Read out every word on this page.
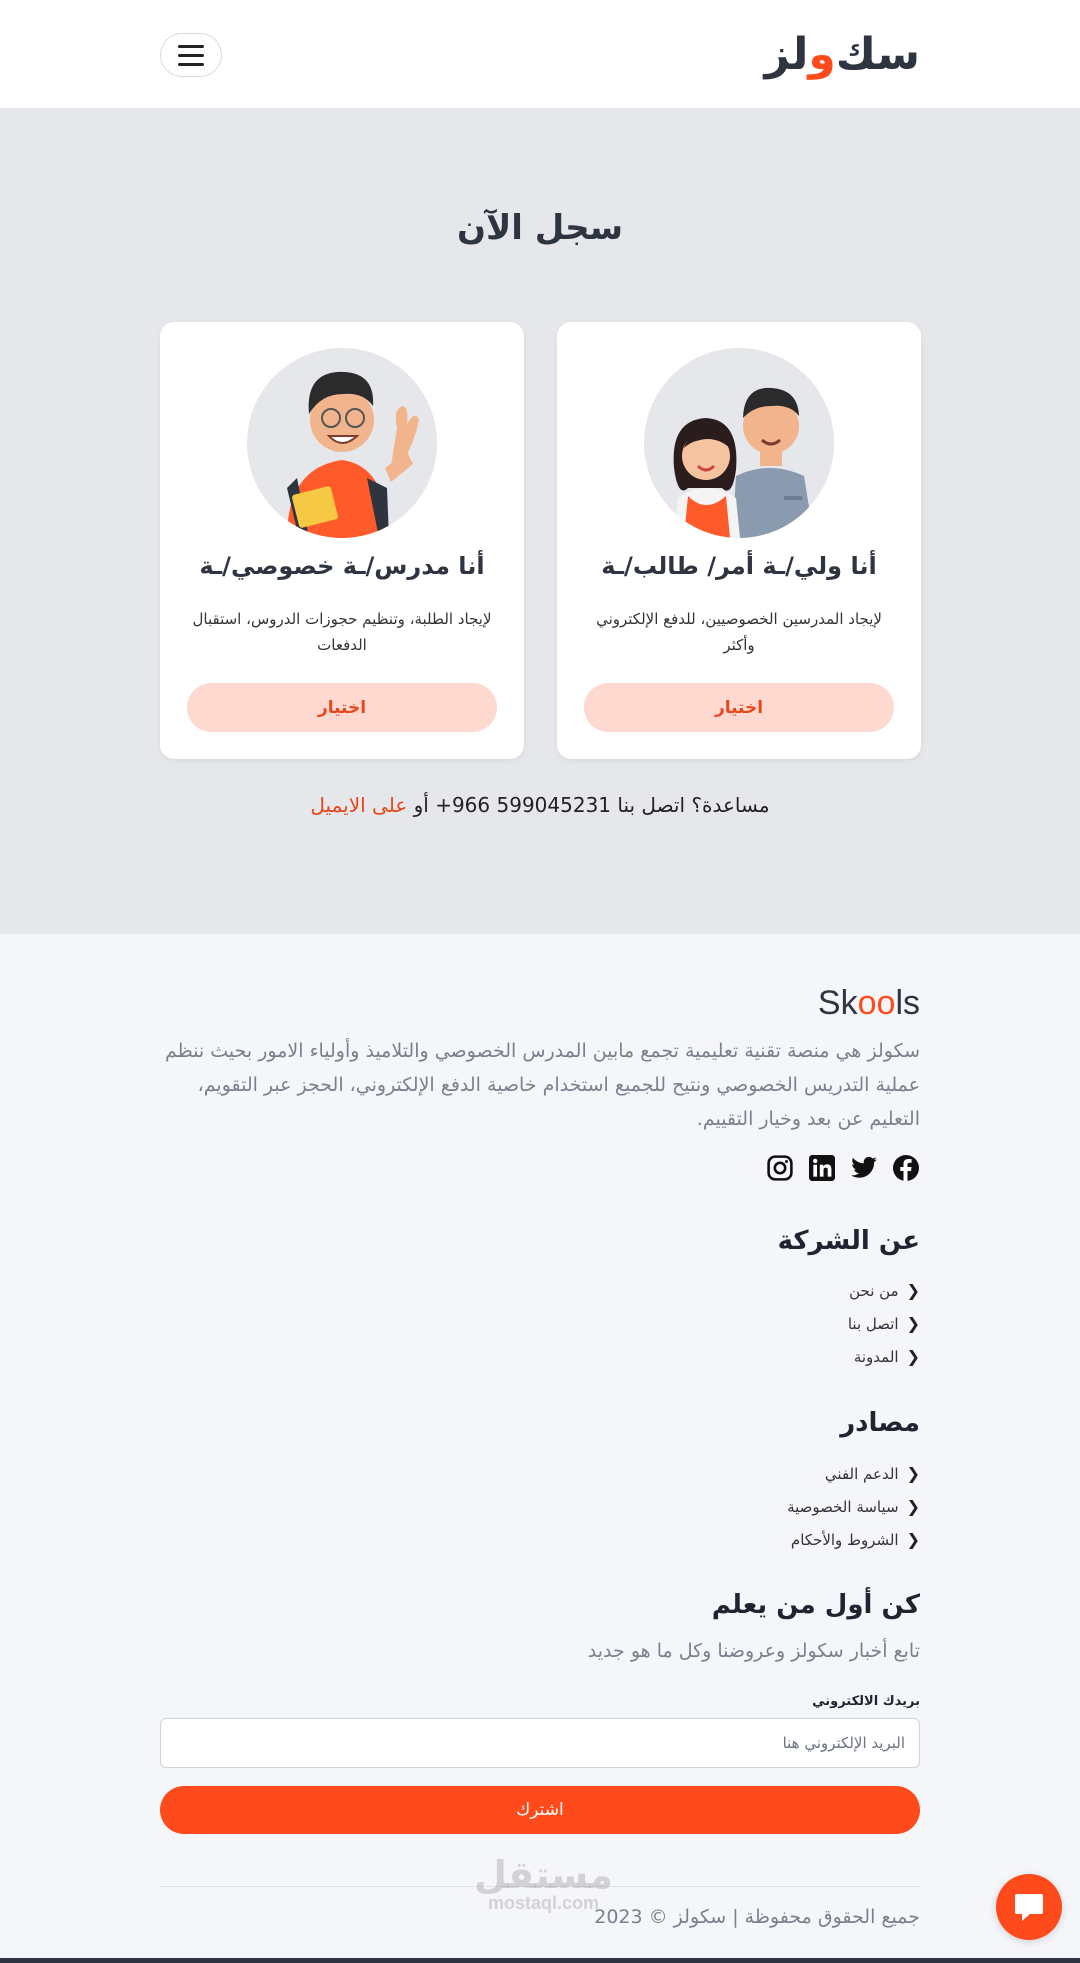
سك
و
لز
سجل الآن
أنا ولي/ـة أمر/ طالب/ـة
لإيجاد المدرسين الخصوصيين، للدفع الإلكتروني وأكثر
اختيار
أنا مدرس/ـة خصوصي/ـة
لإيجاد الطلبة، وتنظيم حجوزات الدروس، استقبال الدفعات
اختيار
مساعدة؟ اتصل بنا +966 599045231 أو على الايميل
Skools

سكولز هي منصة تقنية تعليمية تجمع مابين المدرس الخصوصي والتلاميذ وأولياء الامور بحيث ننظم عملية التدريس الخصوصي ونتيح للجميع استخدام خاصية الدفع الإلكتروني، الحجز عبر التقويم، التعليم عن بعد وخيار التقييم.

عن الشركة
❮
من نحن
❮
اتصل بنا
❮
المدونة
مصادر
❮
الدعم الفني
❮
سياسة الخصوصية
❮
الشروط والأحكام
كن أول من يعلم

تابع أخبار سكولز وعروضنا وكل ما هو جديد

بريدك الالكتروني
البريد الإلكتروني هنا
اشترك
مستقل
mostaql.com

جميع الحقوق محفوظة | سكولز © 2023
